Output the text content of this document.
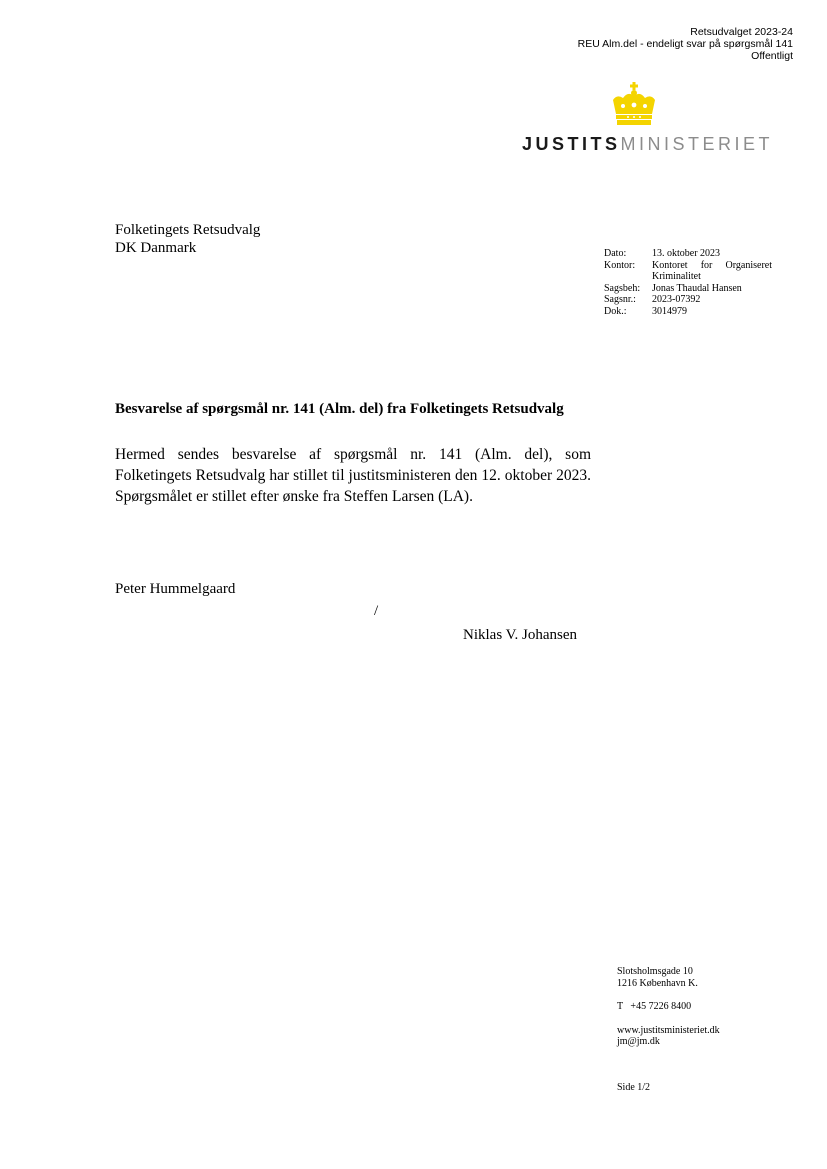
Retsudvalget 2023-24
REU Alm.del - endeligt svar på spørgsmål 141
Offentligt
JUSTITSMINISTERIET
Folketingets Retsudvalg
DK Danmark	Dato:	13. oktober 2023
Kontor:	Kontoret for Organiseret Kriminalitet
Sagsbeh:	Jonas Thaudal Hansen
Sagsnr.:	2023-07392
Dok.:	3014979
Besvarelse af spørgsmål nr. 141 (Alm. del) fra Folketingets Retsudvalg
Hermed sendes besvarelse af spørgsmål nr. 141 (Alm. del), som Folketingets Retsudvalg har stillet til justitsministeren den 12. oktober 2023. Spørgsmålet er stillet efter ønske fra Steffen Larsen (LA).
Peter Hummelgaard
/
Niklas V. Johansen
Slotsholmsgade 10
1216 København K.
T   +45 7226 8400
www.justitsministeriet.dk
jm@jm.dk
Side 1/2
